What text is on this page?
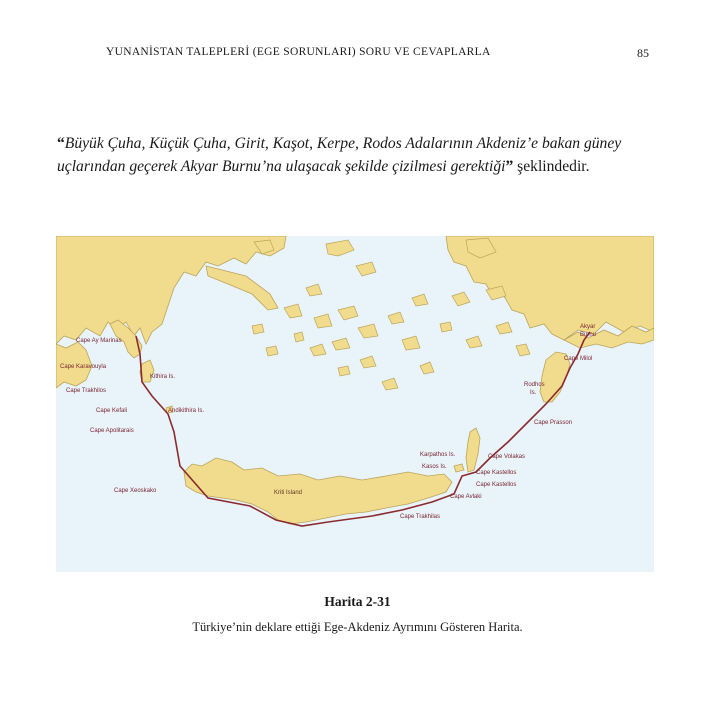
YUNANİSTAN TALEPLERİ (EGE SORUNLARI) SORU VE CEVAPLARLA	85
“Büyük Çuha, Küçük Çuha, Girit, Kaşot, Kerpe, Rodos Adalarının Akdeniz’e bakan güney uçlarından geçerek Akyar Burnu’na ulaşacak şekilde çizilmesi gerektiği” şeklindedir.
Cape Ay Marinas
Cape Karavouyla
Kithira Is.
Cape Trakhilos
Cape Kefali	Andikithira Is.
Cape Apolitarais
Cape Xeoskako	Kriti Island
Cape Trakhilas
Karpathos Is.
Kasos Is.
Cape Volakas
Cape Kastellos
Cape Kastellos
Cape Avlaki
Cape Prasson
Rodhos
Is.
Cape Milol
Akyar
Burnu
Harita 2-31
Türkiye’nin deklare ettiği Ege-Akdeniz Ayrımını Gösteren Harita.
